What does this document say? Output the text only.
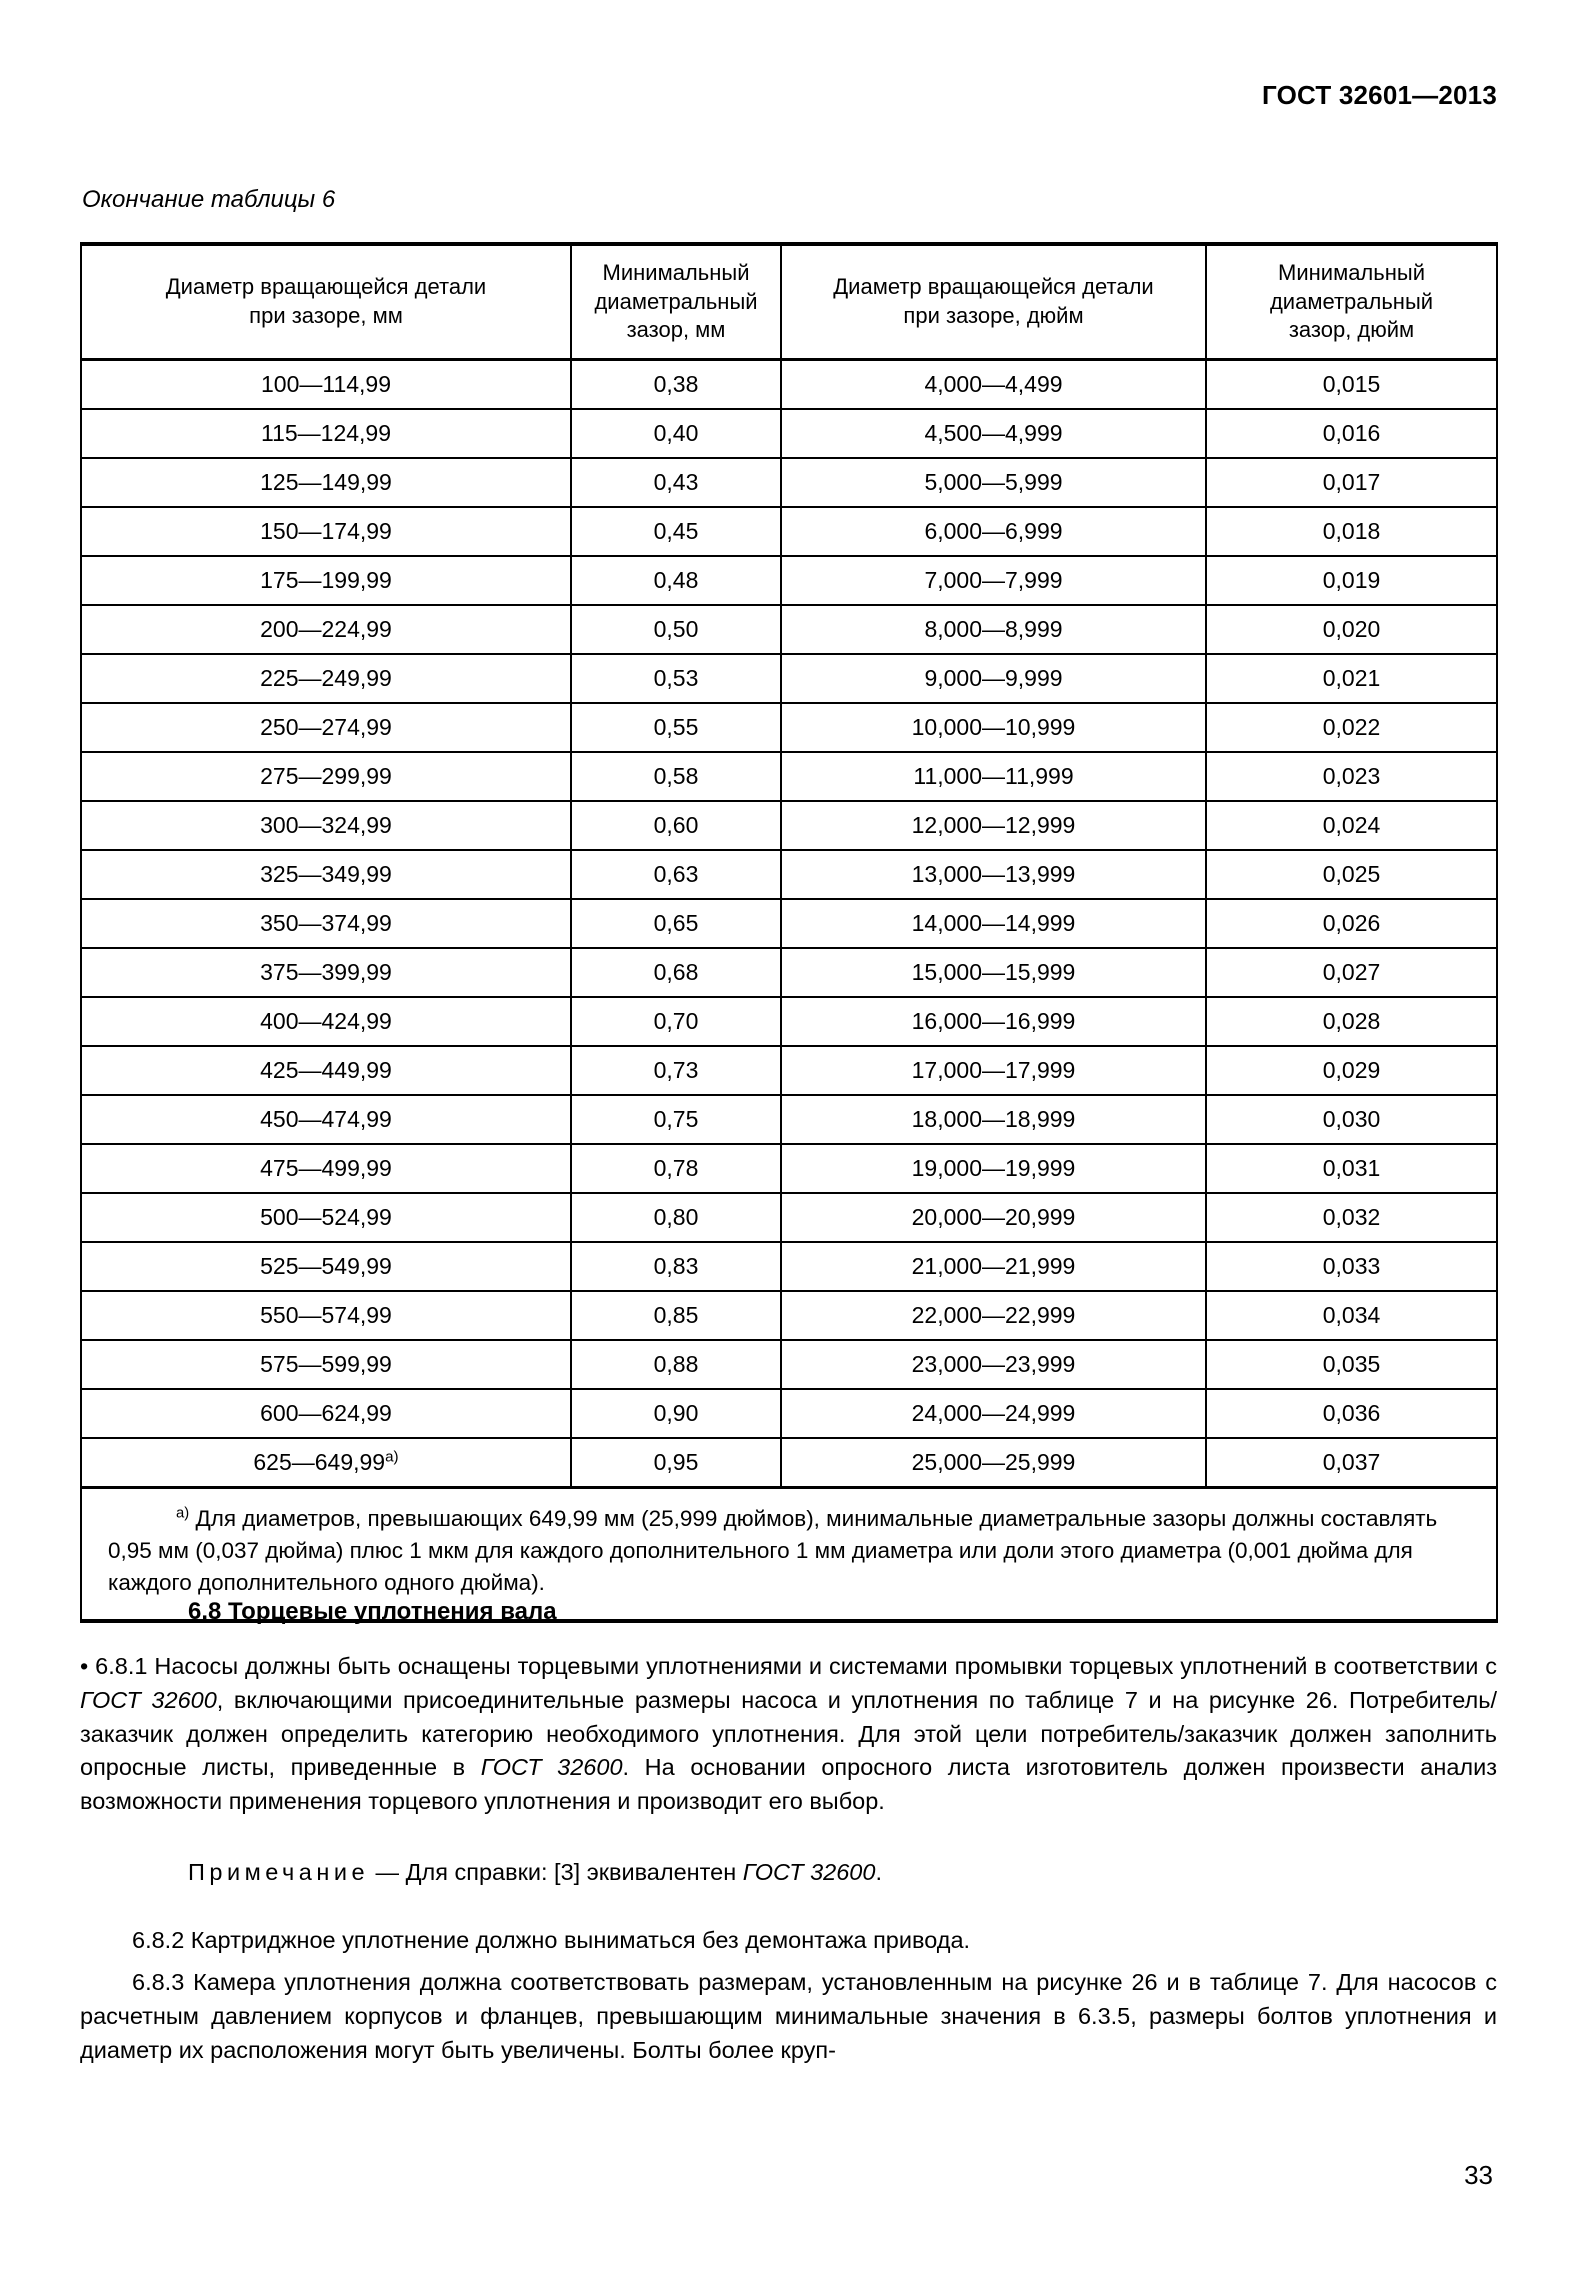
ГОСТ 32601—2013
Окончание таблицы 6
Диаметр вращающейся детали
при зазоре, мм	Минимальный
диаметральный
зазор, мм	Диаметр вращающейся детали
при зазоре, дюйм	Минимальный
диаметральный
зазор, дюйм
100—114,99	0,38	4,000—4,499	0,015
115—124,99	0,40	4,500—4,999	0,016
125—149,99	0,43	5,000—5,999	0,017
150—174,99	0,45	6,000—6,999	0,018
175—199,99	0,48	7,000—7,999	0,019
200—224,99	0,50	8,000—8,999	0,020
225—249,99	0,53	9,000—9,999	0,021
250—274,99	0,55	10,000—10,999	0,022
275—299,99	0,58	11,000—11,999	0,023
300—324,99	0,60	12,000—12,999	0,024
325—349,99	0,63	13,000—13,999	0,025
350—374,99	0,65	14,000—14,999	0,026
375—399,99	0,68	15,000—15,999	0,027
400—424,99	0,70	16,000—16,999	0,028
425—449,99	0,73	17,000—17,999	0,029
450—474,99	0,75	18,000—18,999	0,030
475—499,99	0,78	19,000—19,999	0,031
500—524,99	0,80	20,000—20,999	0,032
525—549,99	0,83	21,000—21,999	0,033
550—574,99	0,85	22,000—22,999	0,034
575—599,99	0,88	23,000—23,999	0,035
600—624,99	0,90	24,000—24,999	0,036
625—649,99$^{а)}$	0,95	25,000—25,999	0,037
$^{а)}$ Для диаметров, превышающих 649,99 мм (25,999 дюймов), минимальные диаметральные зазоры должны составлять 0,95 мм (0,037 дюйма) плюс 1 мкм для каждого дополнительного 1 мм диаметра или доли этого диаметра (0,001 дюйма для каждого дополнительного одного дюйма).			
6.8 Торцевые уплотнения вала

• 6.8.1 Насосы должны быть оснащены торцевыми уплотнениями и системами промывки торцевых уплотнений в соответствии с ГОСТ 32600, включающими присоединительные размеры насоса и уплотнения по таблице 7 и на рисунке 26. Потребитель/заказчик должен определить категорию необходимого уплотнения. Для этой цели потребитель/заказчик должен заполнить опросные листы, приведенные в ГОСТ 32600. На основании опросного листа изготовитель должен произвести анализ возможности применения торцевого уплотнения и производит его выбор.

Примечание — Для справки: [3] эквивалентен ГОСТ 32600.

6.8.2 Картриджное уплотнение должно выниматься без демонтажа привода.

6.8.3 Камера уплотнения должна соответствовать размерам, установленным на рисунке 26 и в таблице 7. Для насосов с расчетным давлением корпусов и фланцев, превышающим минимальные значения в 6.3.5, размеры болтов уплотнения и диаметр их расположения могут быть увеличены. Болты более круп-

33
